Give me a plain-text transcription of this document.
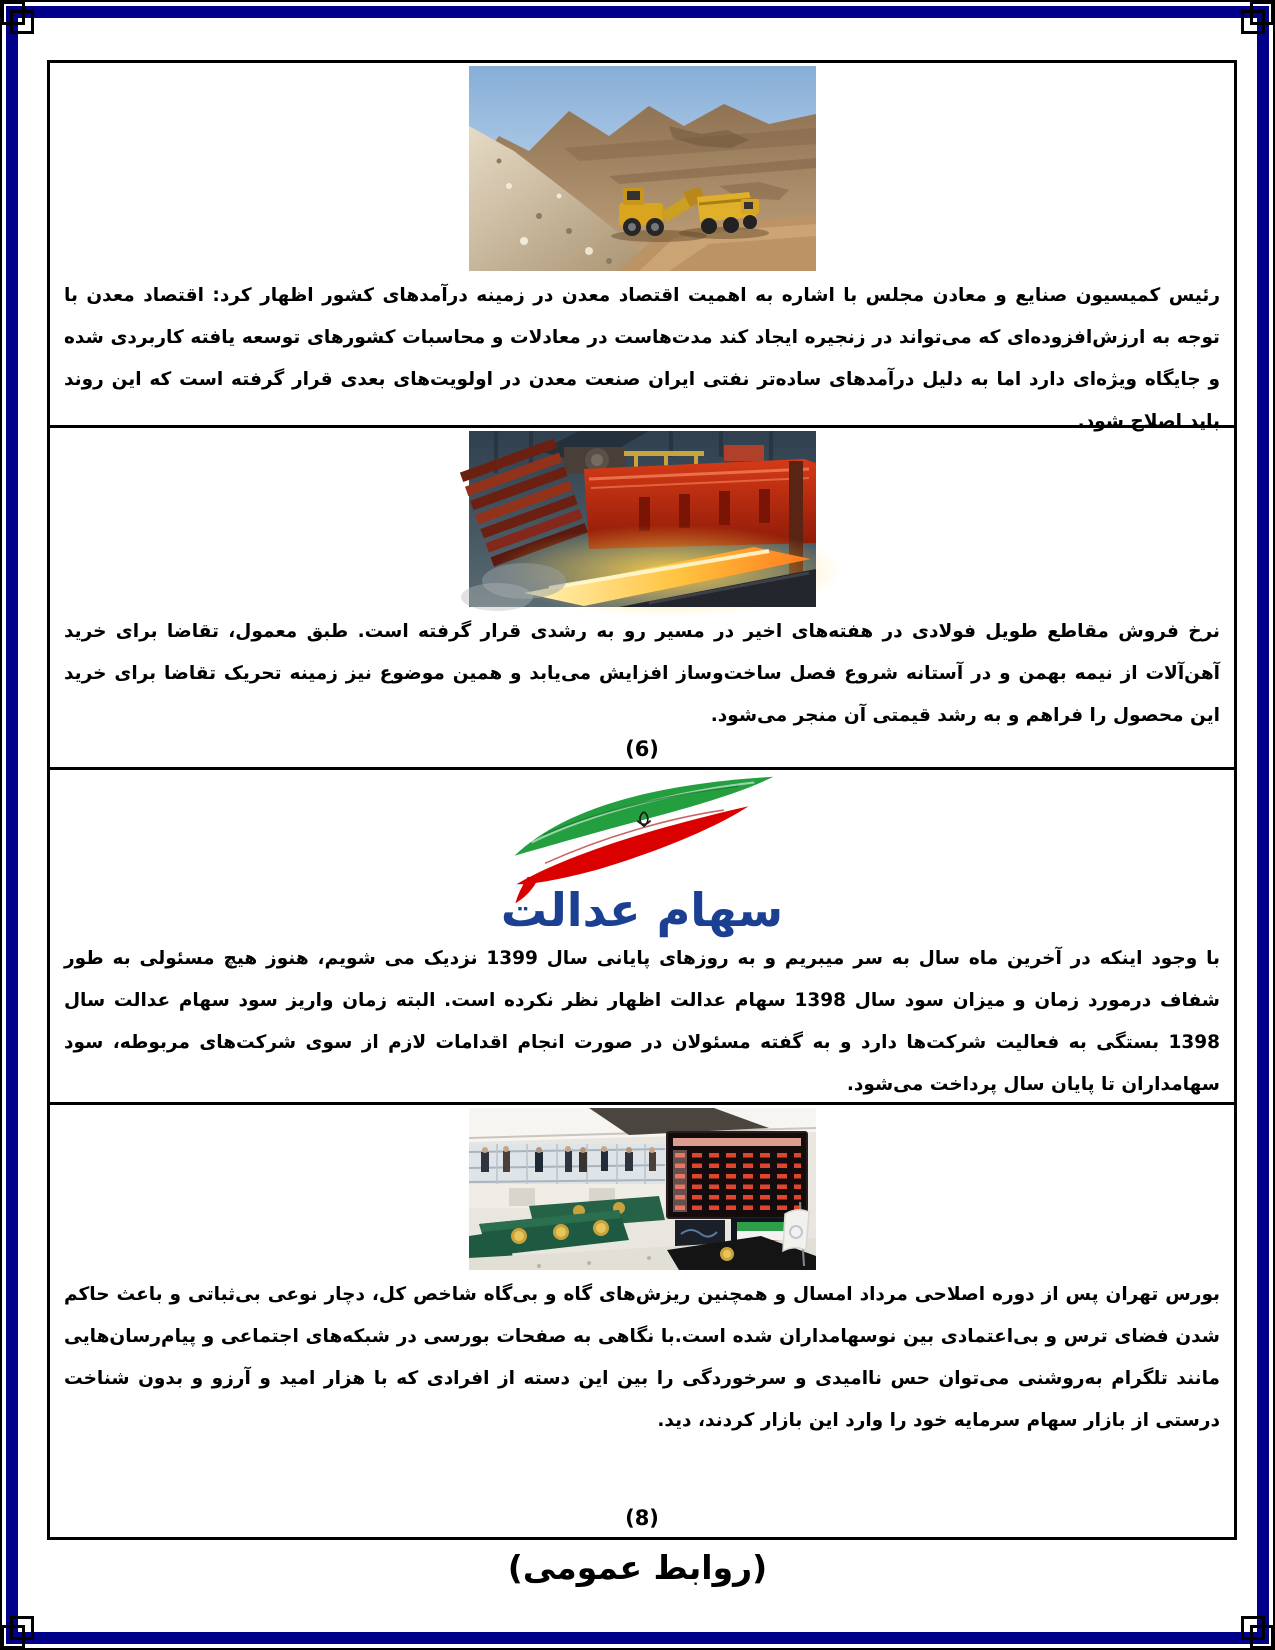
رئیس کمیسیون صنایع و معادن مجلس با اشاره به اهمیت اقتصاد معدن در زمینه درآمدهای کشور اظهار کرد: اقتصاد معدن با توجه به ارزش‌افزوده‌ای که می‌تواند در زنجیره ایجاد کند مدت‌هاست در معادلات و محاسبات کشورهای توسعه یافته کاربردی شده و جایگاه ویژه‌ای دارد اما به دلیل درآمدهای ساده‌تر نفتی ایران صنعت معدن در اولویت‌های بعدی قرار گرفته است که این روند باید اصلاح شود.

نرخ فروش مقاطع طویل فولادی در هفته‌های اخیر در مسیر رو به رشدی قرار گرفته است. طبق معمول، تقاضا برای خرید آهن‌آلات از نیمه بهمن و در آستانه شروع فصل ساخت‌وساز افزایش می‌یابد و همین موضوع نیز زمینه تحریک تقاضا برای خرید این محصول را فراهم و به رشد قیمتی آن منجر می‌شود.

(6)
سهام عدالت

با وجود اینکه در آخرین ماه سال به سر میبریم و به روزهای پایانی سال 1399 نزدیک می شویم، هنوز هیچ مسئولی به طور شفاف درمورد زمان و میزان سود سال 1398 سهام عدالت اظهار نظر نکرده است. البته زمان واریز سود سهام عدالت سال 1398 بستگی به فعالیت شرکت‌ها دارد و به گفته مسئولان در صورت انجام اقدامات لازم از سوی شرکت‌های مربوطه، سود سهامداران تا پایان سال پرداخت می‌شود.

بورس تهران پس از دوره اصلاحی مرداد امسال و همچنین ریزش‌های گاه و بی‌گاه شاخص کل، دچار نوعی بی‌ثباتی و باعث حاکم شدن فضای ترس و بی‌اعتمادی بین نوسهامداران شده است.با نگاهی به صفحات بورسی در شبکه‌های اجتماعی و پیام‌رسان‌هایی مانند تلگرام به‌روشنی می‌توان حس ناامیدی و سرخوردگی را بین این دسته از افرادی که با هزار امید و آرزو و بدون شناخت درستی از بازار سهام سرمایه خود را وارد این بازار کردند، دید.

(8)
(روابط عمومی)
